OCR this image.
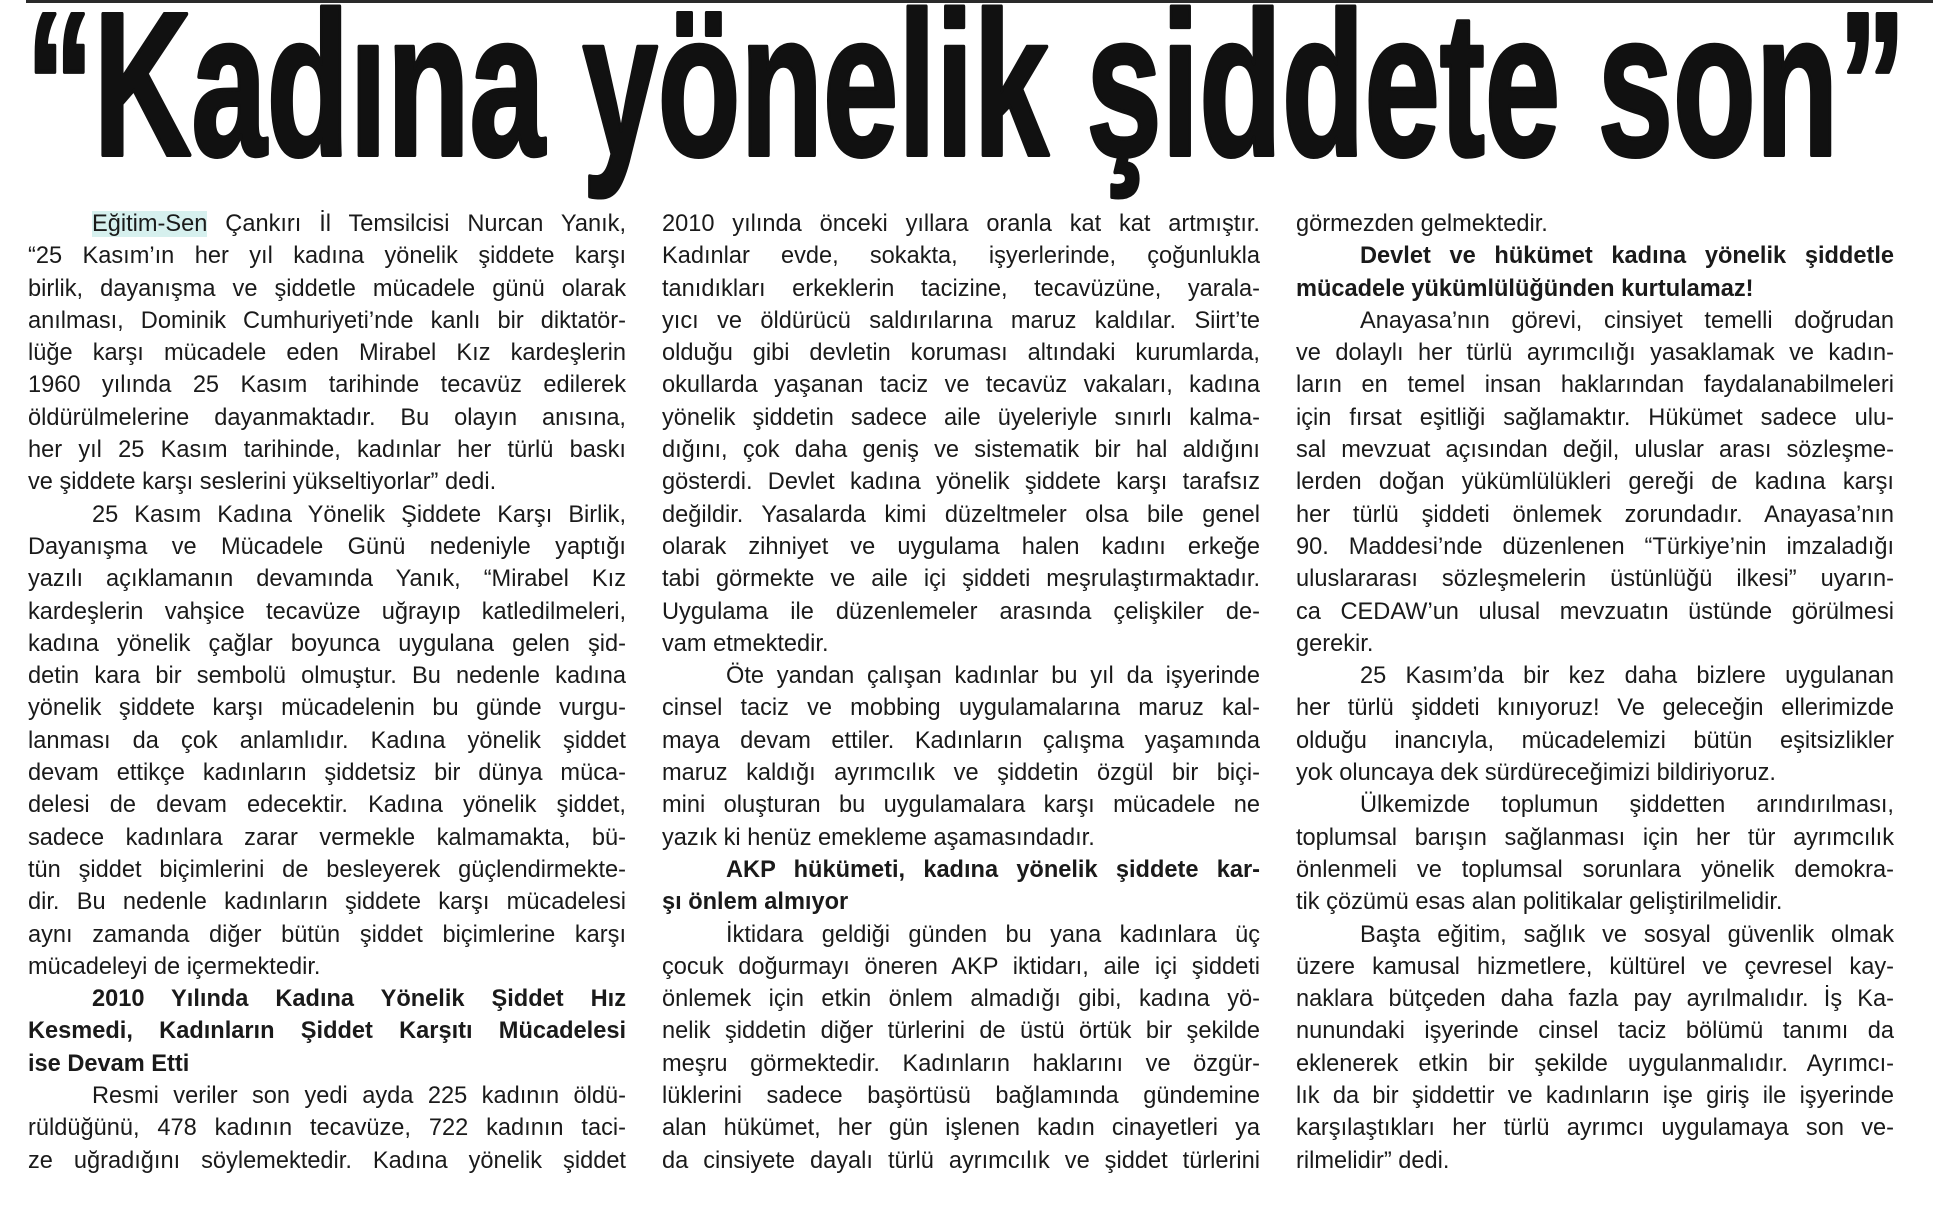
“Kadına yönelik şiddete son”
Eğitim-Sen Çankırı İl Temsilcisi Nurcan Yanık,
“25 Kasım’ın her yıl kadına yönelik şiddete karşı
birlik, dayanışma ve şiddetle mücadele günü olarak
anılması, Dominik Cumhuriyeti’nde kanlı bir diktatör-
lüğe karşı mücadele eden Mirabel Kız kardeşlerin
1960 yılında 25 Kasım tarihinde tecavüz edilerek
öldürülmelerine dayanmaktadır. Bu olayın anısına,
her yıl 25 Kasım tarihinde, kadınlar her türlü baskı
ve şiddete karşı seslerini yükseltiyorlar” dedi.
25 Kasım Kadına Yönelik Şiddete Karşı Birlik,
Dayanışma ve Mücadele Günü nedeniyle yaptığı
yazılı açıklamanın devamında Yanık, “Mirabel Kız
kardeşlerin vahşice tecavüze uğrayıp katledilmeleri,
kadına yönelik çağlar boyunca uygulana gelen şid-
detin kara bir sembolü olmuştur. Bu nedenle kadına
yönelik şiddete karşı mücadelenin bu günde vurgu-
lanması da çok anlamlıdır. Kadına yönelik şiddet
devam ettikçe kadınların şiddetsiz bir dünya müca-
delesi de devam edecektir. Kadına yönelik şiddet,
sadece kadınlara zarar vermekle kalmamakta, bü-
tün şiddet biçimlerini de besleyerek güçlendirmekte-
dir. Bu nedenle kadınların şiddete karşı mücadelesi
aynı zamanda diğer bütün şiddet biçimlerine karşı
mücadeleyi de içermektedir.
2010 Yılında Kadına Yönelik Şiddet Hız
Kesmedi, Kadınların Şiddet Karşıtı Mücadelesi
ise Devam Etti
Resmi veriler son yedi ayda 225 kadının öldü-
rüldüğünü, 478 kadının tecavüze, 722 kadının taci-
ze uğradığını söylemektedir. Kadına yönelik şiddet
2010 yılında önceki yıllara oranla kat kat artmıştır.
Kadınlar evde, sokakta, işyerlerinde, çoğunlukla
tanıdıkları erkeklerin tacizine, tecavüzüne, yarala-
yıcı ve öldürücü saldırılarına maruz kaldılar. Siirt’te
olduğu gibi devletin koruması altındaki kurumlarda,
okullarda yaşanan taciz ve tecavüz vakaları, kadına
yönelik şiddetin sadece aile üyeleriyle sınırlı kalma-
dığını, çok daha geniş ve sistematik bir hal aldığını
gösterdi. Devlet kadına yönelik şiddete karşı tarafsız
değildir. Yasalarda kimi düzeltmeler olsa bile genel
olarak zihniyet ve uygulama halen kadını erkeğe
tabi görmekte ve aile içi şiddeti meşrulaştırmaktadır.
Uygulama ile düzenlemeler arasında çelişkiler de-
vam etmektedir.
Öte yandan çalışan kadınlar bu yıl da işyerinde
cinsel taciz ve mobbing uygulamalarına maruz kal-
maya devam ettiler. Kadınların çalışma yaşamında
maruz kaldığı ayrımcılık ve şiddetin özgül bir biçi-
mini oluşturan bu uygulamalara karşı mücadele ne
yazık ki henüz emekleme aşamasındadır.
AKP hükümeti, kadına yönelik şiddete kar-
şı önlem almıyor
İktidara geldiği günden bu yana kadınlara üç
çocuk doğurmayı öneren AKP iktidarı, aile içi şiddeti
önlemek için etkin önlem almadığı gibi, kadına yö-
nelik şiddetin diğer türlerini de üstü örtük bir şekilde
meşru görmektedir. Kadınların haklarını ve özgür-
lüklerini sadece başörtüsü bağlamında gündemine
alan hükümet, her gün işlenen kadın cinayetleri ya
da cinsiyete dayalı türlü ayrımcılık ve şiddet türlerini
görmezden gelmektedir.
Devlet ve hükümet kadına yönelik şiddetle
mücadele yükümlülüğünden kurtulamaz!
Anayasa’nın görevi, cinsiyet temelli doğrudan
ve dolaylı her türlü ayrımcılığı yasaklamak ve kadın-
ların en temel insan haklarından faydalanabilmeleri
için fırsat eşitliği sağlamaktır. Hükümet sadece ulu-
sal mevzuat açısından değil, uluslar arası sözleşme-
lerden doğan yükümlülükleri gereği de kadına karşı
her türlü şiddeti önlemek zorundadır. Anayasa’nın
90. Maddesi’nde düzenlenen “Türkiye’nin imzaladığı
uluslararası sözleşmelerin üstünlüğü ilkesi” uyarın-
ca CEDAW’un ulusal mevzuatın üstünde görülmesi
gerekir.
25 Kasım’da bir kez daha bizlere uygulanan
her türlü şiddeti kınıyoruz! Ve geleceğin ellerimizde
olduğu inancıyla, mücadelemizi bütün eşitsizlikler
yok oluncaya dek sürdüreceğimizi bildiriyoruz.
Ülkemizde toplumun şiddetten arındırılması,
toplumsal barışın sağlanması için her tür ayrımcılık
önlenmeli ve toplumsal sorunlara yönelik demokra-
tik çözümü esas alan politikalar geliştirilmelidir.
Başta eğitim, sağlık ve sosyal güvenlik olmak
üzere kamusal hizmetlere, kültürel ve çevresel kay-
naklara bütçeden daha fazla pay ayrılmalıdır. İş Ka-
nunundaki işyerinde cinsel taciz bölümü tanımı da
eklenerek etkin bir şekilde uygulanmalıdır. Ayrımcı-
lık da bir şiddettir ve kadınların işe giriş ile işyerinde
karşılaştıkları her türlü ayrımcı uygulamaya son ve-
rilmelidir” dedi.
